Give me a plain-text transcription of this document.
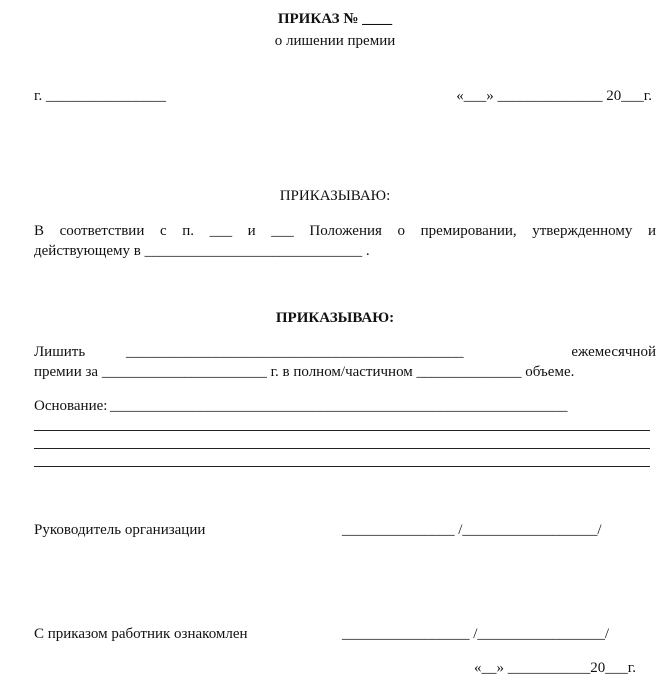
ПРИКАЗ № ____
о лишении премии
г. ________________	«___» ______________ 20___г.
ПРИКАЗЫВАЮ:
В соответствии с п. ___ и ___ Положения о премировании, утвержденному и
действующему в _____________________________ .
ПРИКАЗЫВАЮ:
Лишить	_____________________________________________	ежемесячной
премии за ______________________ г. в полном/частичном ______________ объеме.
Основание: _____________________________________________________________
Руководитель организации	_______________ /__________________/
С приказом работник ознакомлен	_________________ /_________________/
«__» ___________20___г.
